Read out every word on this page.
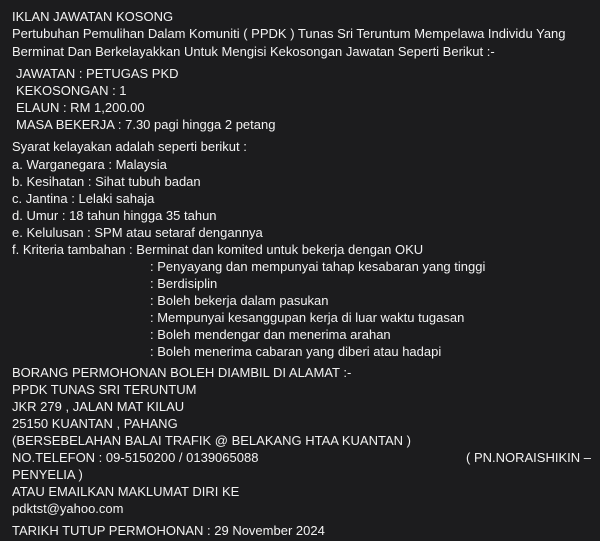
IKLAN JAWATAN KOSONG
Pertubuhan Pemulihan Dalam Komuniti ( PPDK ) Tunas Sri Teruntum Mempelawa Individu Yang
Berminat Dan Berkelayakkan Untuk Mengisi Kekosongan Jawatan Seperti Berikut :-
JAWATAN : PETUGAS PKD
KEKOSONGAN : 1
ELAUN : RM 1,200.00
MASA BEKERJA : 7.30 pagi hingga 2 petang
Syarat kelayakan adalah seperti berikut :
a. Warganegara : Malaysia
b. Kesihatan : Sihat tubuh badan
c. Jantina : Lelaki sahaja
d. Umur : 18 tahun hingga 35 tahun
e. Kelulusan : SPM atau setaraf dengannya
f. Kriteria tambahan : Berminat dan komited untuk bekerja dengan OKU
: Penyayang dan mempunyai tahap kesabaran yang tinggi
: Berdisiplin
: Boleh bekerja dalam pasukan
: Mempunyai kesanggupan kerja di luar waktu tugasan
: Boleh mendengar dan menerima arahan
: Boleh menerima cabaran yang diberi atau hadapi
BORANG PERMOHONAN BOLEH DIAMBIL DI ALAMAT :-
PPDK TUNAS SRI TERUNTUM
JKR 279 , JALAN MAT KILAU
25150 KUANTAN , PAHANG
(BERSEBELAHAN BALAI TRAFIK @ BELAKANG HTAA KUANTAN )
NO.TELEFON : 09-5150200 / 0139065088	( PN.NORAISHIKIN –
PENYELIA )
ATAU EMAILKAN MAKLUMAT DIRI KE
pdktst@yahoo.com
TARIKH TUTUP PERMOHONAN : 29 November 2024
